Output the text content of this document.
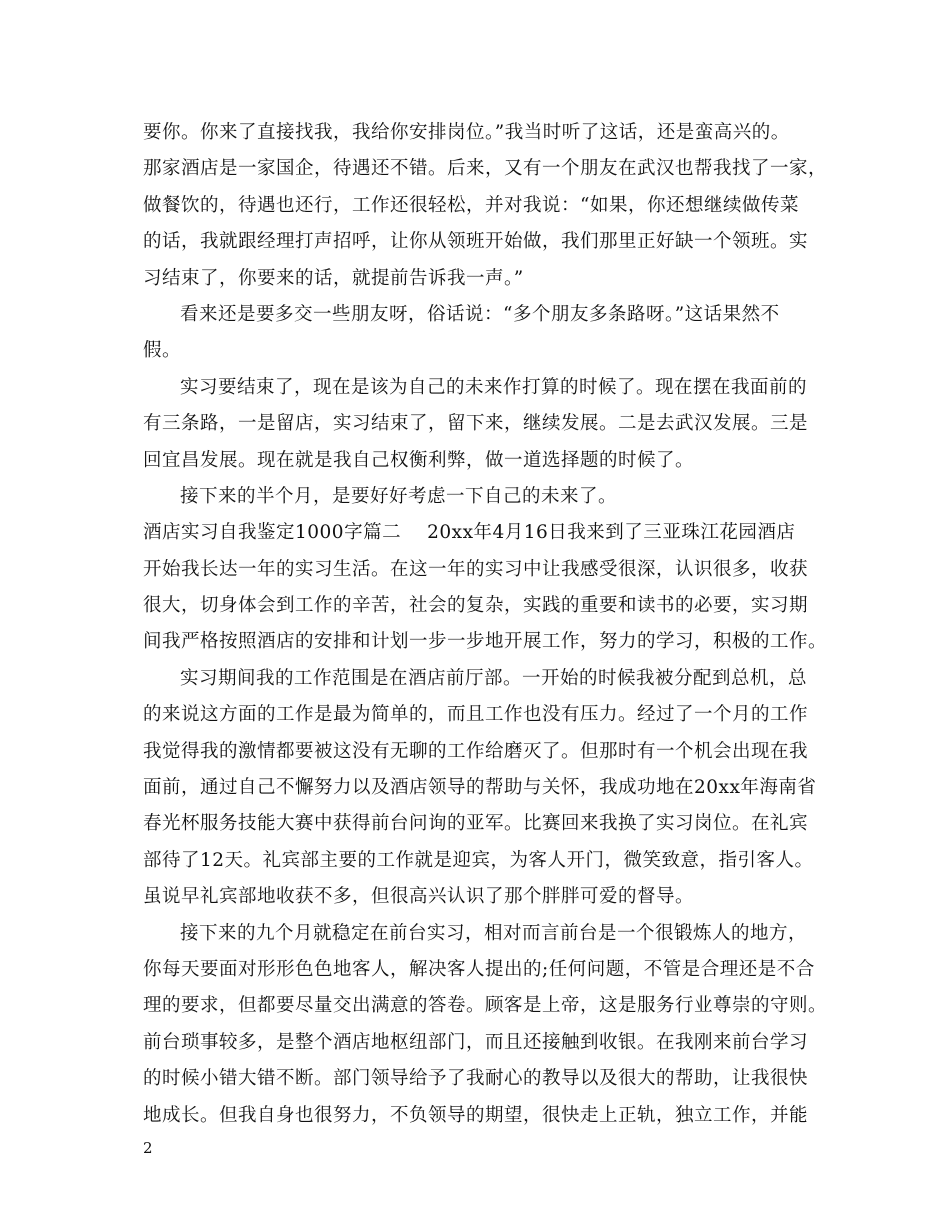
要你。你来了直接找我，我给你安排岗位。”我当时听了这话，还是蛮高兴的。
那家酒店是一家国企，待遇还不错。后来，又有一个朋友在武汉也帮我找了一家，
做餐饮的，待遇也还行，工作还很轻松，并对我说：“如果，你还想继续做传菜
的话，我就跟经理打声招呼，让你从领班开始做，我们那里正好缺一个领班。实
习结束了，你要来的话，就提前告诉我一声。”
看来还是要多交一些朋友呀，俗话说：“多个朋友多条路呀。”这话果然不
假。
实习要结束了，现在是该为自己的未来作打算的时候了。现在摆在我面前的
有三条路，一是留店，实习结束了，留下来，继续发展。二是去武汉发展。三是
回宜昌发展。现在就是我自己权衡利弊，做一道选择题的时候了。
接下来的半个月，是要好好考虑一下自己的未来了。
酒店实习自我鉴定1000字篇二 20xx年4月16日我来到了三亚珠江花园酒店
开始我长达一年的实习生活。在这一年的实习中让我感受很深，认识很多，收获
很大，切身体会到工作的辛苦，社会的复杂，实践的重要和读书的必要，实习期
间我严格按照酒店的安排和计划一步一步地开展工作，努力的学习，积极的工作。
实习期间我的工作范围是在酒店前厅部。一开始的时候我被分配到总机，总
的来说这方面的工作是最为简单的，而且工作也没有压力。经过了一个月的工作
我觉得我的激情都要被这没有无聊的工作给磨灭了。但那时有一个机会出现在我
面前，通过自己不懈努力以及酒店领导的帮助与关怀，我成功地在20xx年海南省
春光杯服务技能大赛中获得前台问询的亚军。比赛回来我换了实习岗位。在礼宾
部待了12天。礼宾部主要的工作就是迎宾，为客人开门，微笑致意，指引客人。
虽说早礼宾部地收获不多，但很高兴认识了那个胖胖可爱的督导。
接下来的九个月就稳定在前台实习，相对而言前台是一个很锻炼人的地方，
你每天要面对形形色色地客人，解决客人提出的;任何问题，不管是合理还是不合
理的要求，但都要尽量交出满意的答卷。顾客是上帝，这是服务行业尊崇的守则。
前台琐事较多，是整个酒店地枢纽部门，而且还接触到收银。在我刚来前台学习
的时候小错大错不断。部门领导给予了我耐心的教导以及很大的帮助，让我很快
地成长。但我自身也很努力，不负领导的期望，很快走上正轨，独立工作，并能
2
